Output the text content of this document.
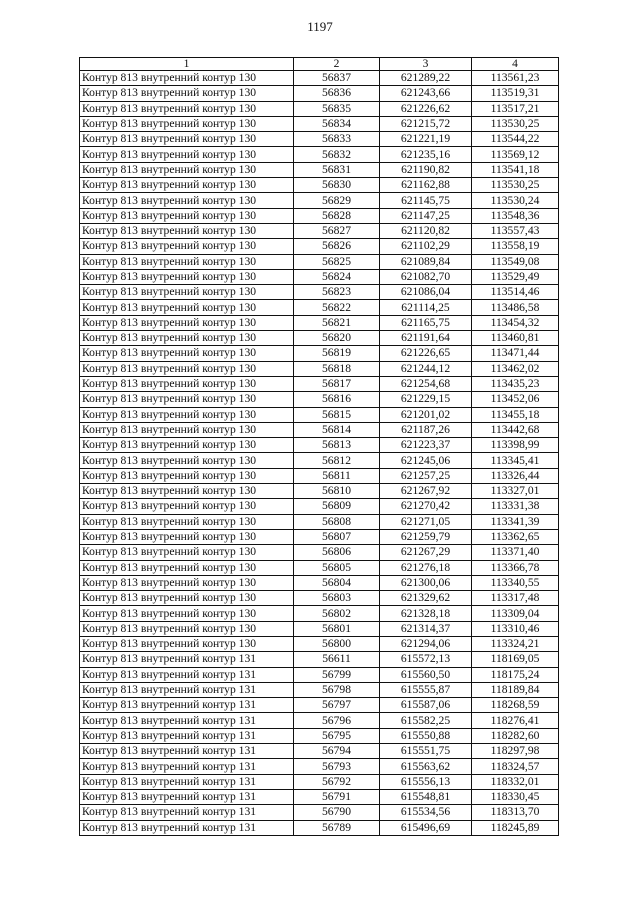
1197
1	2	3	4
Контур 813 внутренний контур 130	56837	621289,22	113561,23
Контур 813 внутренний контур 130	56836	621243,66	113519,31
Контур 813 внутренний контур 130	56835	621226,62	113517,21
Контур 813 внутренний контур 130	56834	621215,72	113530,25
Контур 813 внутренний контур 130	56833	621221,19	113544,22
Контур 813 внутренний контур 130	56832	621235,16	113569,12
Контур 813 внутренний контур 130	56831	621190,82	113541,18
Контур 813 внутренний контур 130	56830	621162,88	113530,25
Контур 813 внутренний контур 130	56829	621145,75	113530,24
Контур 813 внутренний контур 130	56828	621147,25	113548,36
Контур 813 внутренний контур 130	56827	621120,82	113557,43
Контур 813 внутренний контур 130	56826	621102,29	113558,19
Контур 813 внутренний контур 130	56825	621089,84	113549,08
Контур 813 внутренний контур 130	56824	621082,70	113529,49
Контур 813 внутренний контур 130	56823	621086,04	113514,46
Контур 813 внутренний контур 130	56822	621114,25	113486,58
Контур 813 внутренний контур 130	56821	621165,75	113454,32
Контур 813 внутренний контур 130	56820	621191,64	113460,81
Контур 813 внутренний контур 130	56819	621226,65	113471,44
Контур 813 внутренний контур 130	56818	621244,12	113462,02
Контур 813 внутренний контур 130	56817	621254,68	113435,23
Контур 813 внутренний контур 130	56816	621229,15	113452,06
Контур 813 внутренний контур 130	56815	621201,02	113455,18
Контур 813 внутренний контур 130	56814	621187,26	113442,68
Контур 813 внутренний контур 130	56813	621223,37	113398,99
Контур 813 внутренний контур 130	56812	621245,06	113345,41
Контур 813 внутренний контур 130	56811	621257,25	113326,44
Контур 813 внутренний контур 130	56810	621267,92	113327,01
Контур 813 внутренний контур 130	56809	621270,42	113331,38
Контур 813 внутренний контур 130	56808	621271,05	113341,39
Контур 813 внутренний контур 130	56807	621259,79	113362,65
Контур 813 внутренний контур 130	56806	621267,29	113371,40
Контур 813 внутренний контур 130	56805	621276,18	113366,78
Контур 813 внутренний контур 130	56804	621300,06	113340,55
Контур 813 внутренний контур 130	56803	621329,62	113317,48
Контур 813 внутренний контур 130	56802	621328,18	113309,04
Контур 813 внутренний контур 130	56801	621314,37	113310,46
Контур 813 внутренний контур 130	56800	621294,06	113324,21
Контур 813 внутренний контур 131	56611	615572,13	118169,05
Контур 813 внутренний контур 131	56799	615560,50	118175,24
Контур 813 внутренний контур 131	56798	615555,87	118189,84
Контур 813 внутренний контур 131	56797	615587,06	118268,59
Контур 813 внутренний контур 131	56796	615582,25	118276,41
Контур 813 внутренний контур 131	56795	615550,88	118282,60
Контур 813 внутренний контур 131	56794	615551,75	118297,98
Контур 813 внутренний контур 131	56793	615563,62	118324,57
Контур 813 внутренний контур 131	56792	615556,13	118332,01
Контур 813 внутренний контур 131	56791	615548,81	118330,45
Контур 813 внутренний контур 131	56790	615534,56	118313,70
Контур 813 внутренний контур 131	56789	615496,69	118245,89
